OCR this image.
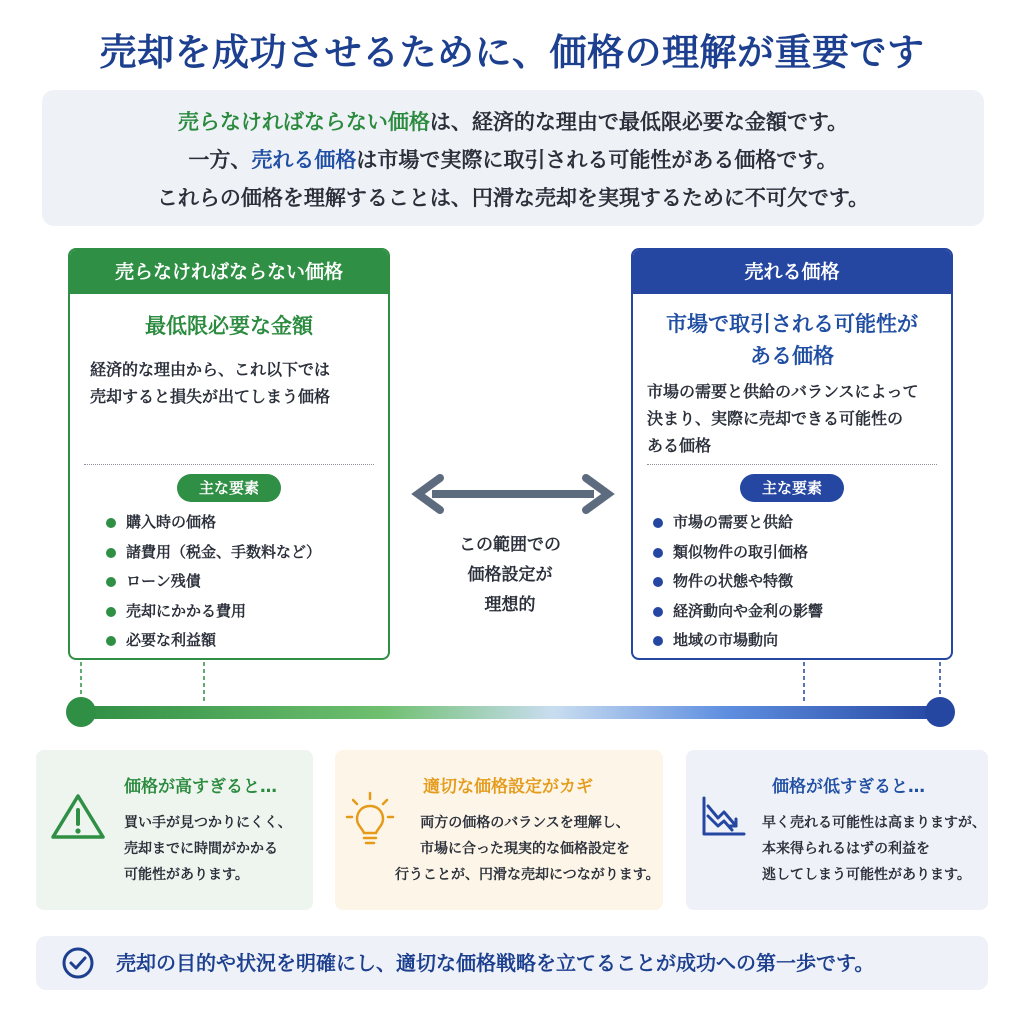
売却を成功させるために、価格の理解が重要です
売らなければならない価格は、経済的な理由で最低限必要な金額です。
一方、売れる価格は市場で実際に取引される可能性がある価格です。
これらの価格を理解することは、円滑な売却を実現するために不可欠です。
売らなければならない価格
最低限必要な金額
経済的な理由から、これ以下では
売却すると損失が出てしまう価格
主な要素
購入時の価格
諸費用（税金、手数料など）
ローン残債
売却にかかる費用
必要な利益額
売れる価格
市場で取引される可能性が
ある価格
市場の需要と供給のバランスによって
決まり、実際に売却できる可能性の
ある価格
主な要素
市場の需要と供給
類似物件の取引価格
物件の状態や特徴
経済動向や金利の影響
地域の市場動向
この範囲での
価格設定が
理想的
価格が高すぎると…
買い手が見つかりにくく、
売却までに時間がかかる
可能性があります。
適切な価格設定がカギ
両方の価格のバランスを理解し、
市場に合った現実的な価格設定を
行うことが、円滑な売却につながります。
価格が低すぎると…
早く売れる可能性は高まりますが、
本来得られるはずの利益を
逃してしまう可能性があります。
売却の目的や状況を明確にし、適切な価格戦略を立てることが成功への第一歩です。
